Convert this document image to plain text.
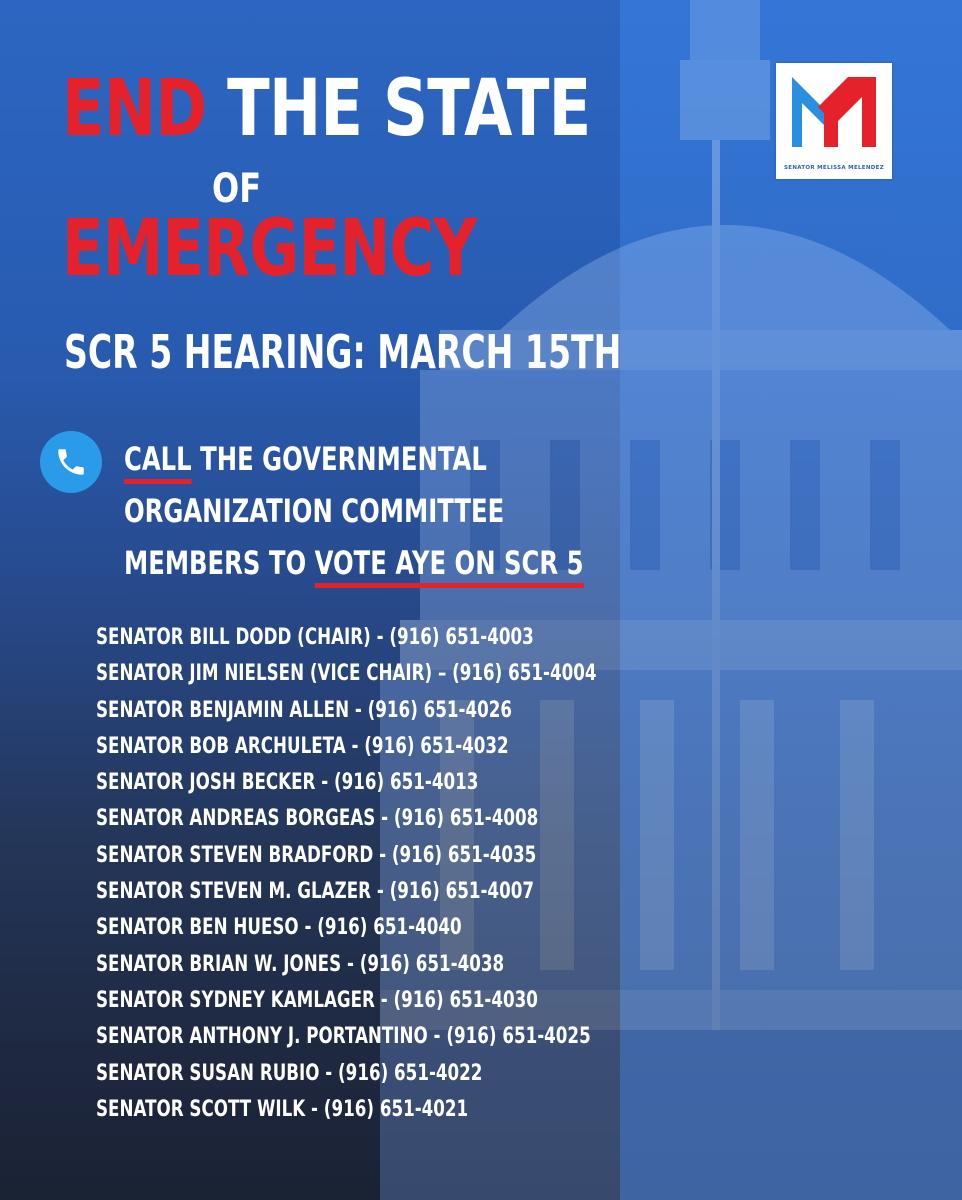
END THE STATE
OF
EMERGENCY
SCR 5 HEARING: MARCH 15TH
CALL THE GOVERNMENTAL
ORGANIZATION COMMITTEE
MEMBERS TO VOTE AYE ON SCR 5
SENATOR BILL DODD (CHAIR) - (916) 651-4003
SENATOR JIM NIELSEN (VICE CHAIR) – (916) 651-4004
SENATOR BENJAMIN ALLEN - (916) 651-4026
SENATOR BOB ARCHULETA - (916) 651-4032
SENATOR JOSH BECKER - (916) 651-4013
SENATOR ANDREAS BORGEAS - (916) 651-4008
SENATOR STEVEN BRADFORD - (916) 651-4035
SENATOR STEVEN M. GLAZER - (916) 651-4007
SENATOR BEN HUESO - (916) 651-4040
SENATOR BRIAN W. JONES - (916) 651-4038
SENATOR SYDNEY KAMLAGER - (916) 651-4030
SENATOR ANTHONY J. PORTANTINO - (916) 651-4025
SENATOR SUSAN RUBIO - (916) 651-4022
SENATOR SCOTT WILK - (916) 651-4021
SENATOR MELISSA MELENDEZ
